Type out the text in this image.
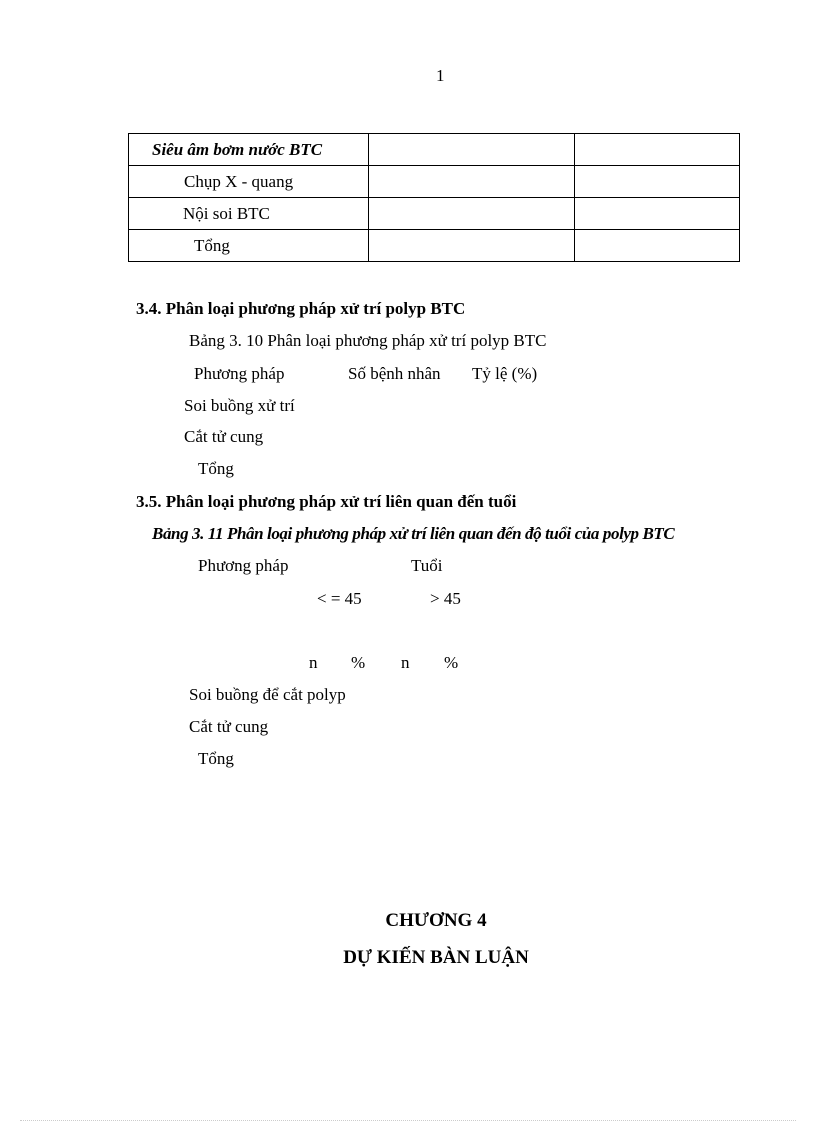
1
Siêu âm bơm nước BTC		
Chụp X - quang		
Nội soi BTC		
Tổng		
3.4. Phân loại phương pháp xử trí polyp BTC
Bảng 3. 10 Phân loại phương pháp xử trí polyp BTC
Phương pháp	Số bệnh nhân Tỷ lệ (%)
Soi buồng xử trí
Cắt tử cung
Tổng
3.5. Phân loại phương pháp xử trí liên quan đến tuổi
Bảng 3. 11 Phân loại phương pháp xử trí liên quan đến độ tuổi của polyp BTC
Phương pháp	Tuổi
< = 45	> 45
n % n %
Soi buồng để cắt polyp
Cắt tử cung
Tổng
CHƯƠNG 4
DỰ KIẾN BÀN LUẬN
